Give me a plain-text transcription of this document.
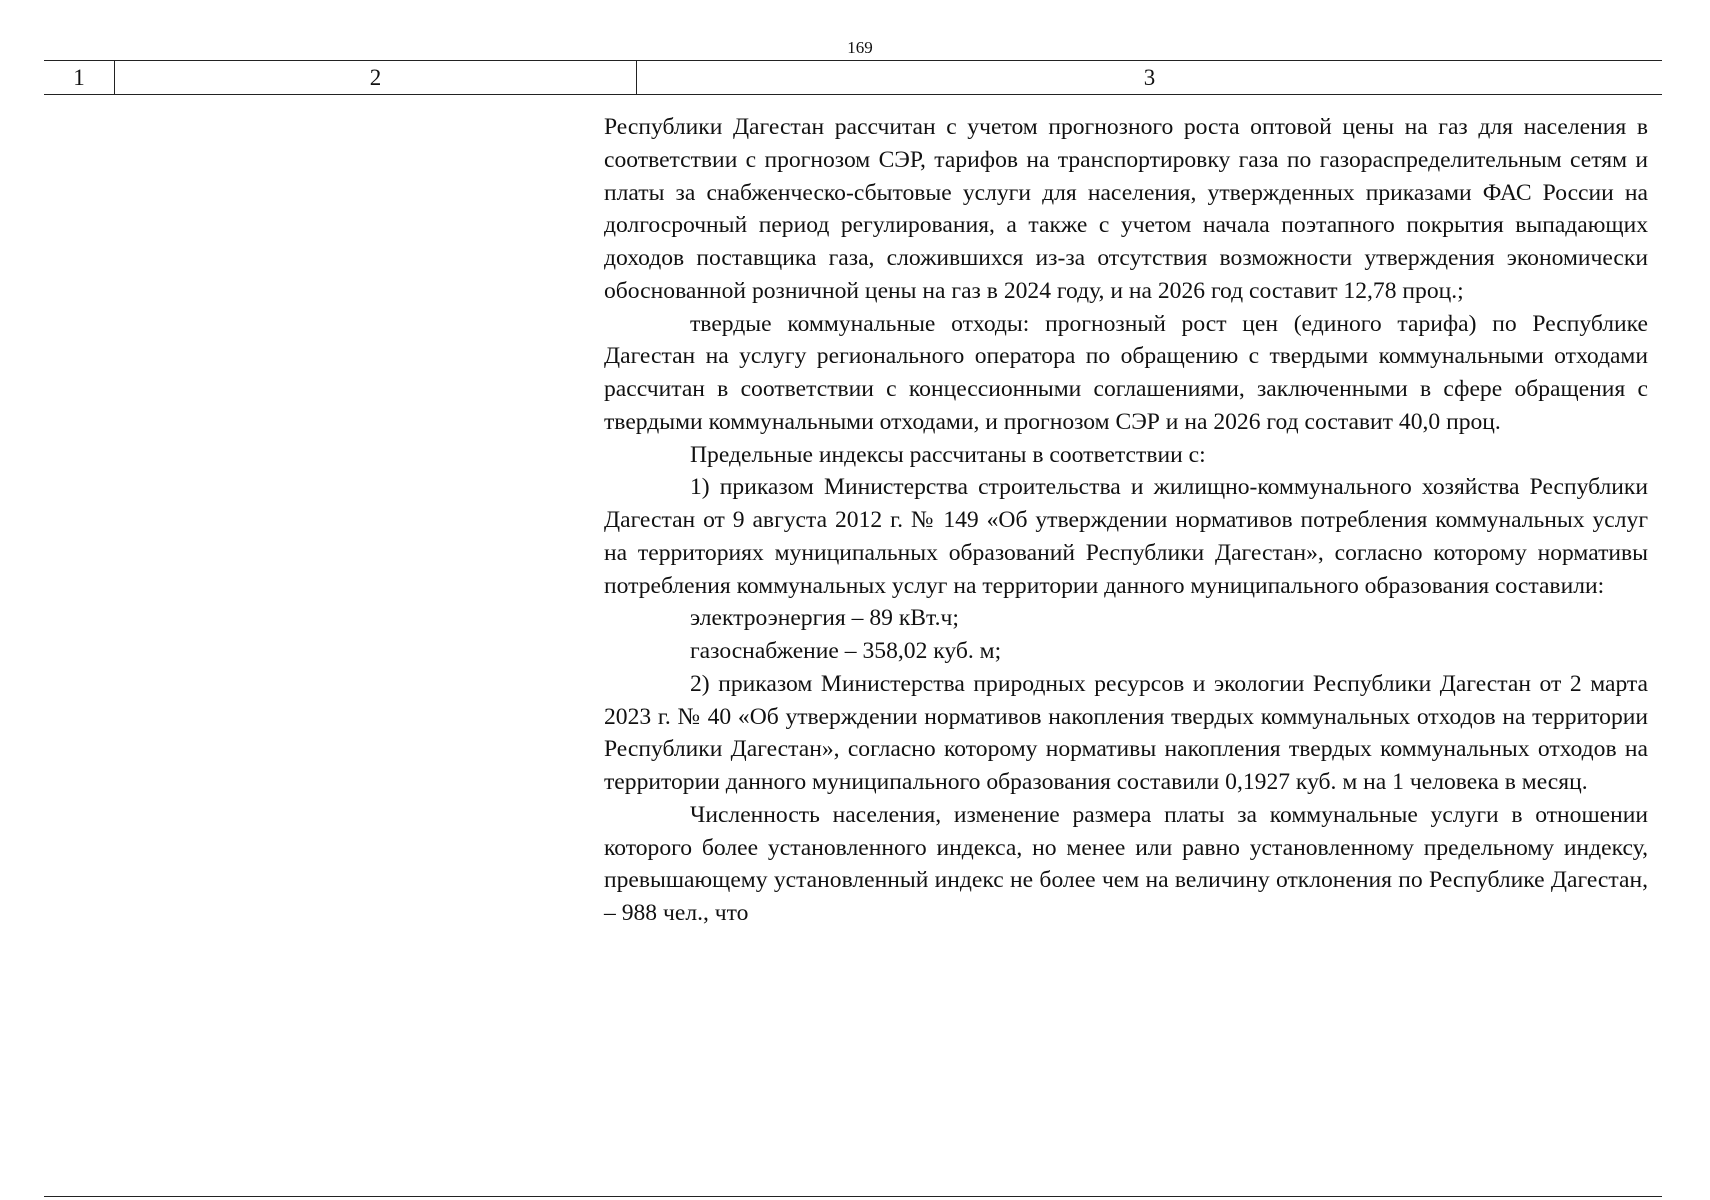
169
1	2	3

Республики Дагестан рассчитан с учетом прогнозного роста оптовой цены на газ для населения в соответствии с прогнозом СЭР, тарифов на транспортировку газа по газораспределительным сетям и платы за снабженческо-сбытовые услуги для населения, утвержденных приказами ФАС России на долгосрочный период регулирования, а также с учетом начала поэтапного покрытия выпадающих доходов поставщика газа, сложившихся из-за отсутствия возможности утверждения экономически обоснованной розничной цены на газ в 2024 году, и на 2026 год составит 12,78 проц.;

твердые коммунальные отходы: прогнозный рост цен (единого тарифа) по Республике Дагестан на услугу регионального оператора по обращению с твердыми коммунальными отходами рассчитан в соответствии с концессионными соглашениями, заключенными в сфере обращения с твердыми коммунальными отходами, и прогнозом СЭР и на 2026 год составит 40,0 проц.

Предельные индексы рассчитаны в соответствии с:

1) приказом Министерства строительства и жилищно-коммунального хозяйства Республики Дагестан от 9 августа 2012 г. № 149 «Об утверждении нормативов потребления коммунальных услуг на территориях муниципальных образований Республики Дагестан», согласно которому нормативы потребления коммунальных услуг на территории данного муниципального образования составили:

электроэнергия – 89 кВт.ч;

газоснабжение – 358,02 куб. м;

2) приказом Министерства природных ресурсов и экологии Республики Дагестан от 2 марта 2023 г. № 40 «Об утверждении нормативов накопления твердых коммунальных отходов на территории Республики Дагестан», согласно которому нормативы накопления твердых коммунальных отходов на территории данного муниципального образования составили 0,1927 куб. м на 1 человека в месяц.

Численность населения, изменение размера платы за коммунальные услуги в отношении которого более установленного индекса, но менее или равно установленному предельному индексу, превышающему установленный индекс не более чем на величину отклонения по Республике Дагестан, – 988 чел., что
